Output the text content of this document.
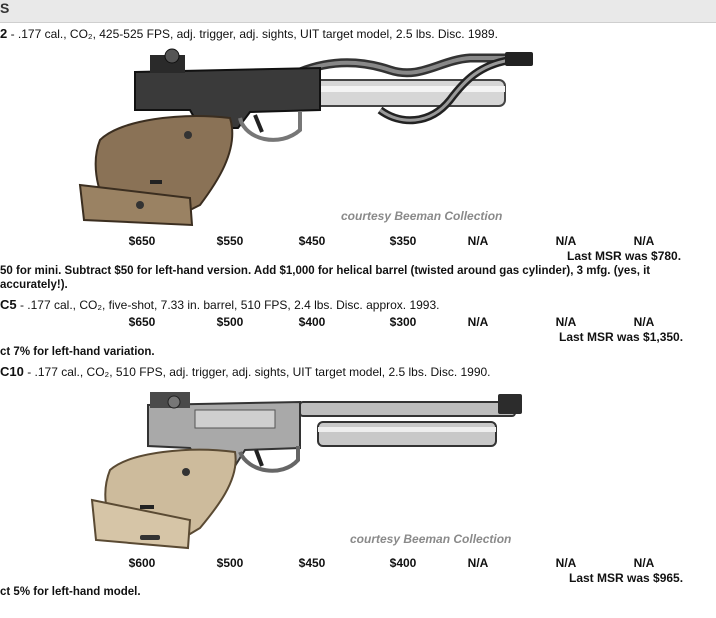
S
2 - .177 cal., CO₂, 425-525 FPS, adj. trigger, adj. sights, UIT target model, 2.5 lbs. Disc. 1989.
courtesy Beeman Collection
$650	$550	$450	$350	N/A	N/A	N/A
Last MSR was $780.
50 for mini. Subtract $50 for left-hand version. Add $1,000 for helical barrel (twisted around gas cylinder), 3 mfg. (yes, it
accurately!).
C5 - .177 cal., CO₂, five-shot, 7.33 in. barrel, 510 FPS, 2.4 lbs. Disc. approx. 1993.
$650	$500	$400	$300	N/A	N/A	N/A
Last MSR was $1,350.
ct 7% for left-hand variation.
C10 - .177 cal., CO₂, 510 FPS, adj. trigger, adj. sights, UIT target model, 2.5 lbs. Disc. 1990.
courtesy Beeman Collection
$600	$500	$450	$400	N/A	N/A	N/A
Last MSR was $965.
ct 5% for left-hand model.
